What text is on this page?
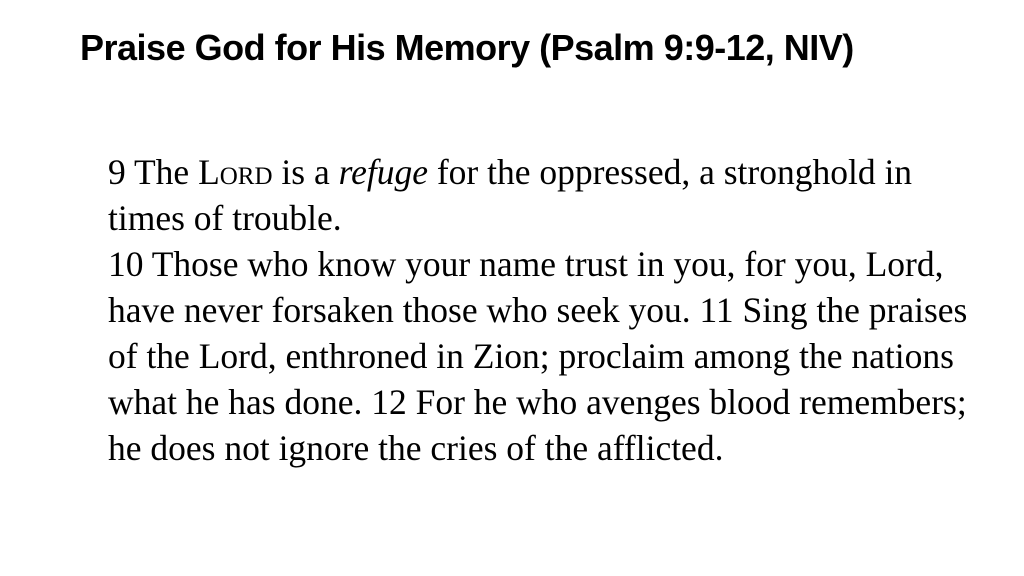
Praise God for His Memory (Psalm 9:9-12, NIV)
9 The Lord is a refuge for the oppressed, a stronghold in times of trouble.
10 Those who know your name trust in you, for you, Lord, have never forsaken those who seek you. 11 Sing the praises of the Lord, enthroned in Zion; proclaim among the nations what he has done. 12 For he who avenges blood remembers; he does not ignore the cries of the afflicted.
